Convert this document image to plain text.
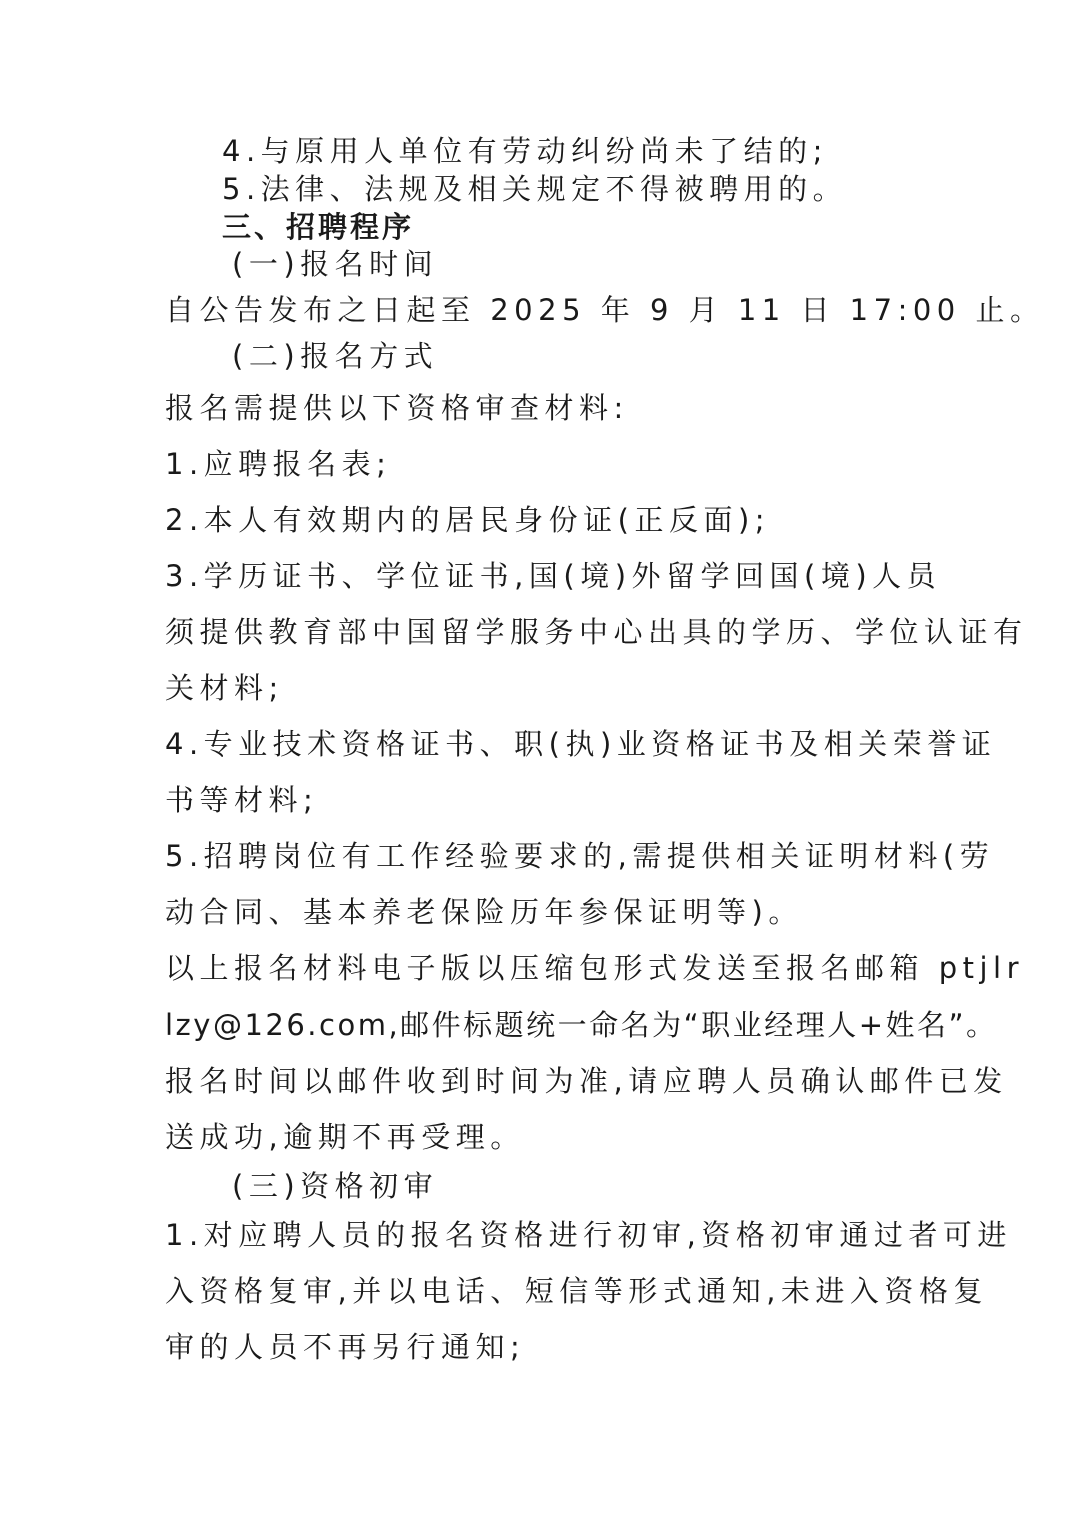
4.与原用人单位有劳动纠纷尚未了结的;
5.法律、法规及相关规定不得被聘用的。
三、招聘程序
(一)报名时间
自公告发布之日起至 2025 年 9 月 11 日 17:00 止。
(二)报名方式
报名需提供以下资格审查材料:
1.应聘报名表;
2.本人有效期内的居民身份证(正反面);
3.学历证书、学位证书,国(境)外留学回国(境)人员
须提供教育部中国留学服务中心出具的学历、学位认证有
关材料;
4.专业技术资格证书、职(执)业资格证书及相关荣誉证
书等材料;
5.招聘岗位有工作经验要求的,需提供相关证明材料(劳
动合同、基本养老保险历年参保证明等)。
以上报名材料电子版以压缩包形式发送至报名邮箱 ptjlr
lzy@126.com,邮件标题统一命名为“职业经理人+姓名”。
报名时间以邮件收到时间为准,请应聘人员确认邮件已发
送成功,逾期不再受理。
(三)资格初审
1.对应聘人员的报名资格进行初审,资格初审通过者可进
入资格复审,并以电话、短信等形式通知,未进入资格复
审的人员不再另行通知;
